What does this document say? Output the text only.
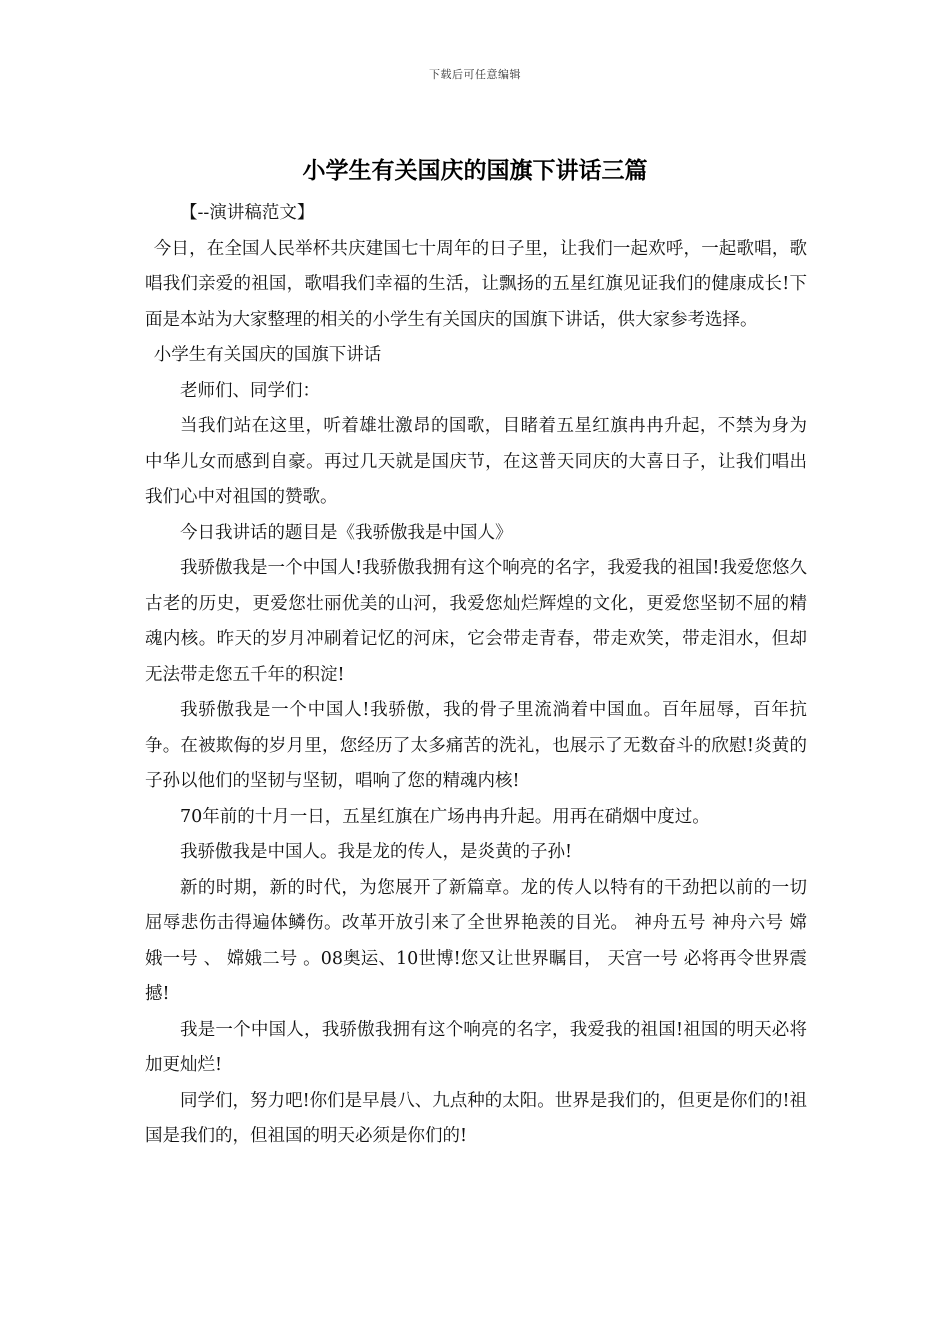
下载后可任意编辑
小学生有关国庆的国旗下讲话三篇

【--演讲稿范文】

今日，在全国人民举杯共庆建国七十周年的日子里，让我们一起欢呼，一起歌唱，歌唱我们亲爱的祖国，歌唱我们幸福的生活，让飘扬的五星红旗见证我们的健康成长!下面是本站为大家整理的相关的小学生有关国庆的国旗下讲话，供大家参考选择。

小学生有关国庆的国旗下讲话

老师们、同学们：

当我们站在这里，听着雄壮激昂的国歌，目睹着五星红旗冉冉升起，不禁为身为中华儿女而感到自豪。再过几天就是国庆节，在这普天同庆的大喜日子，让我们唱出我们心中对祖国的赞歌。

今日我讲话的题目是《我骄傲我是中国人》

我骄傲我是一个中国人!我骄傲我拥有这个响亮的名字，我爱我的祖国!我爱您悠久古老的历史，更爱您壮丽优美的山河，我爱您灿烂辉煌的文化，更爱您坚韧不屈的精魂内核。昨天的岁月冲刷着记忆的河床，它会带走青春，带走欢笑，带走泪水，但却无法带走您五千年的积淀!

我骄傲我是一个中国人!我骄傲，我的骨子里流淌着中国血。百年屈辱，百年抗争。在被欺侮的岁月里，您经历了太多痛苦的洗礼，也展示了无数奋斗的欣慰!炎黄的子孙以他们的坚韧与坚韧，唱响了您的精魂内核!

70年前的十月一日，五星红旗在广场冉冉升起。用再在硝烟中度过。

我骄傲我是中国人。我是龙的传人，是炎黄的子孙!

新的时期，新的时代，为您展开了新篇章。龙的传人以特有的干劲把以前的一切屈辱悲伤击得遍体鳞伤。改革开放引来了全世界艳羡的目光。 神舟五号 神舟六号 嫦娥一号 、 嫦娥二号 。08奥运、10世博!您又让世界瞩目， 天宫一号 必将再令世界震撼!

我是一个中国人，我骄傲我拥有这个响亮的名字，我爱我的祖国!祖国的明天必将加更灿烂!

同学们，努力吧!你们是早晨八、九点种的太阳。世界是我们的，但更是你们的!祖国是我们的，但祖国的明天必须是你们的!
